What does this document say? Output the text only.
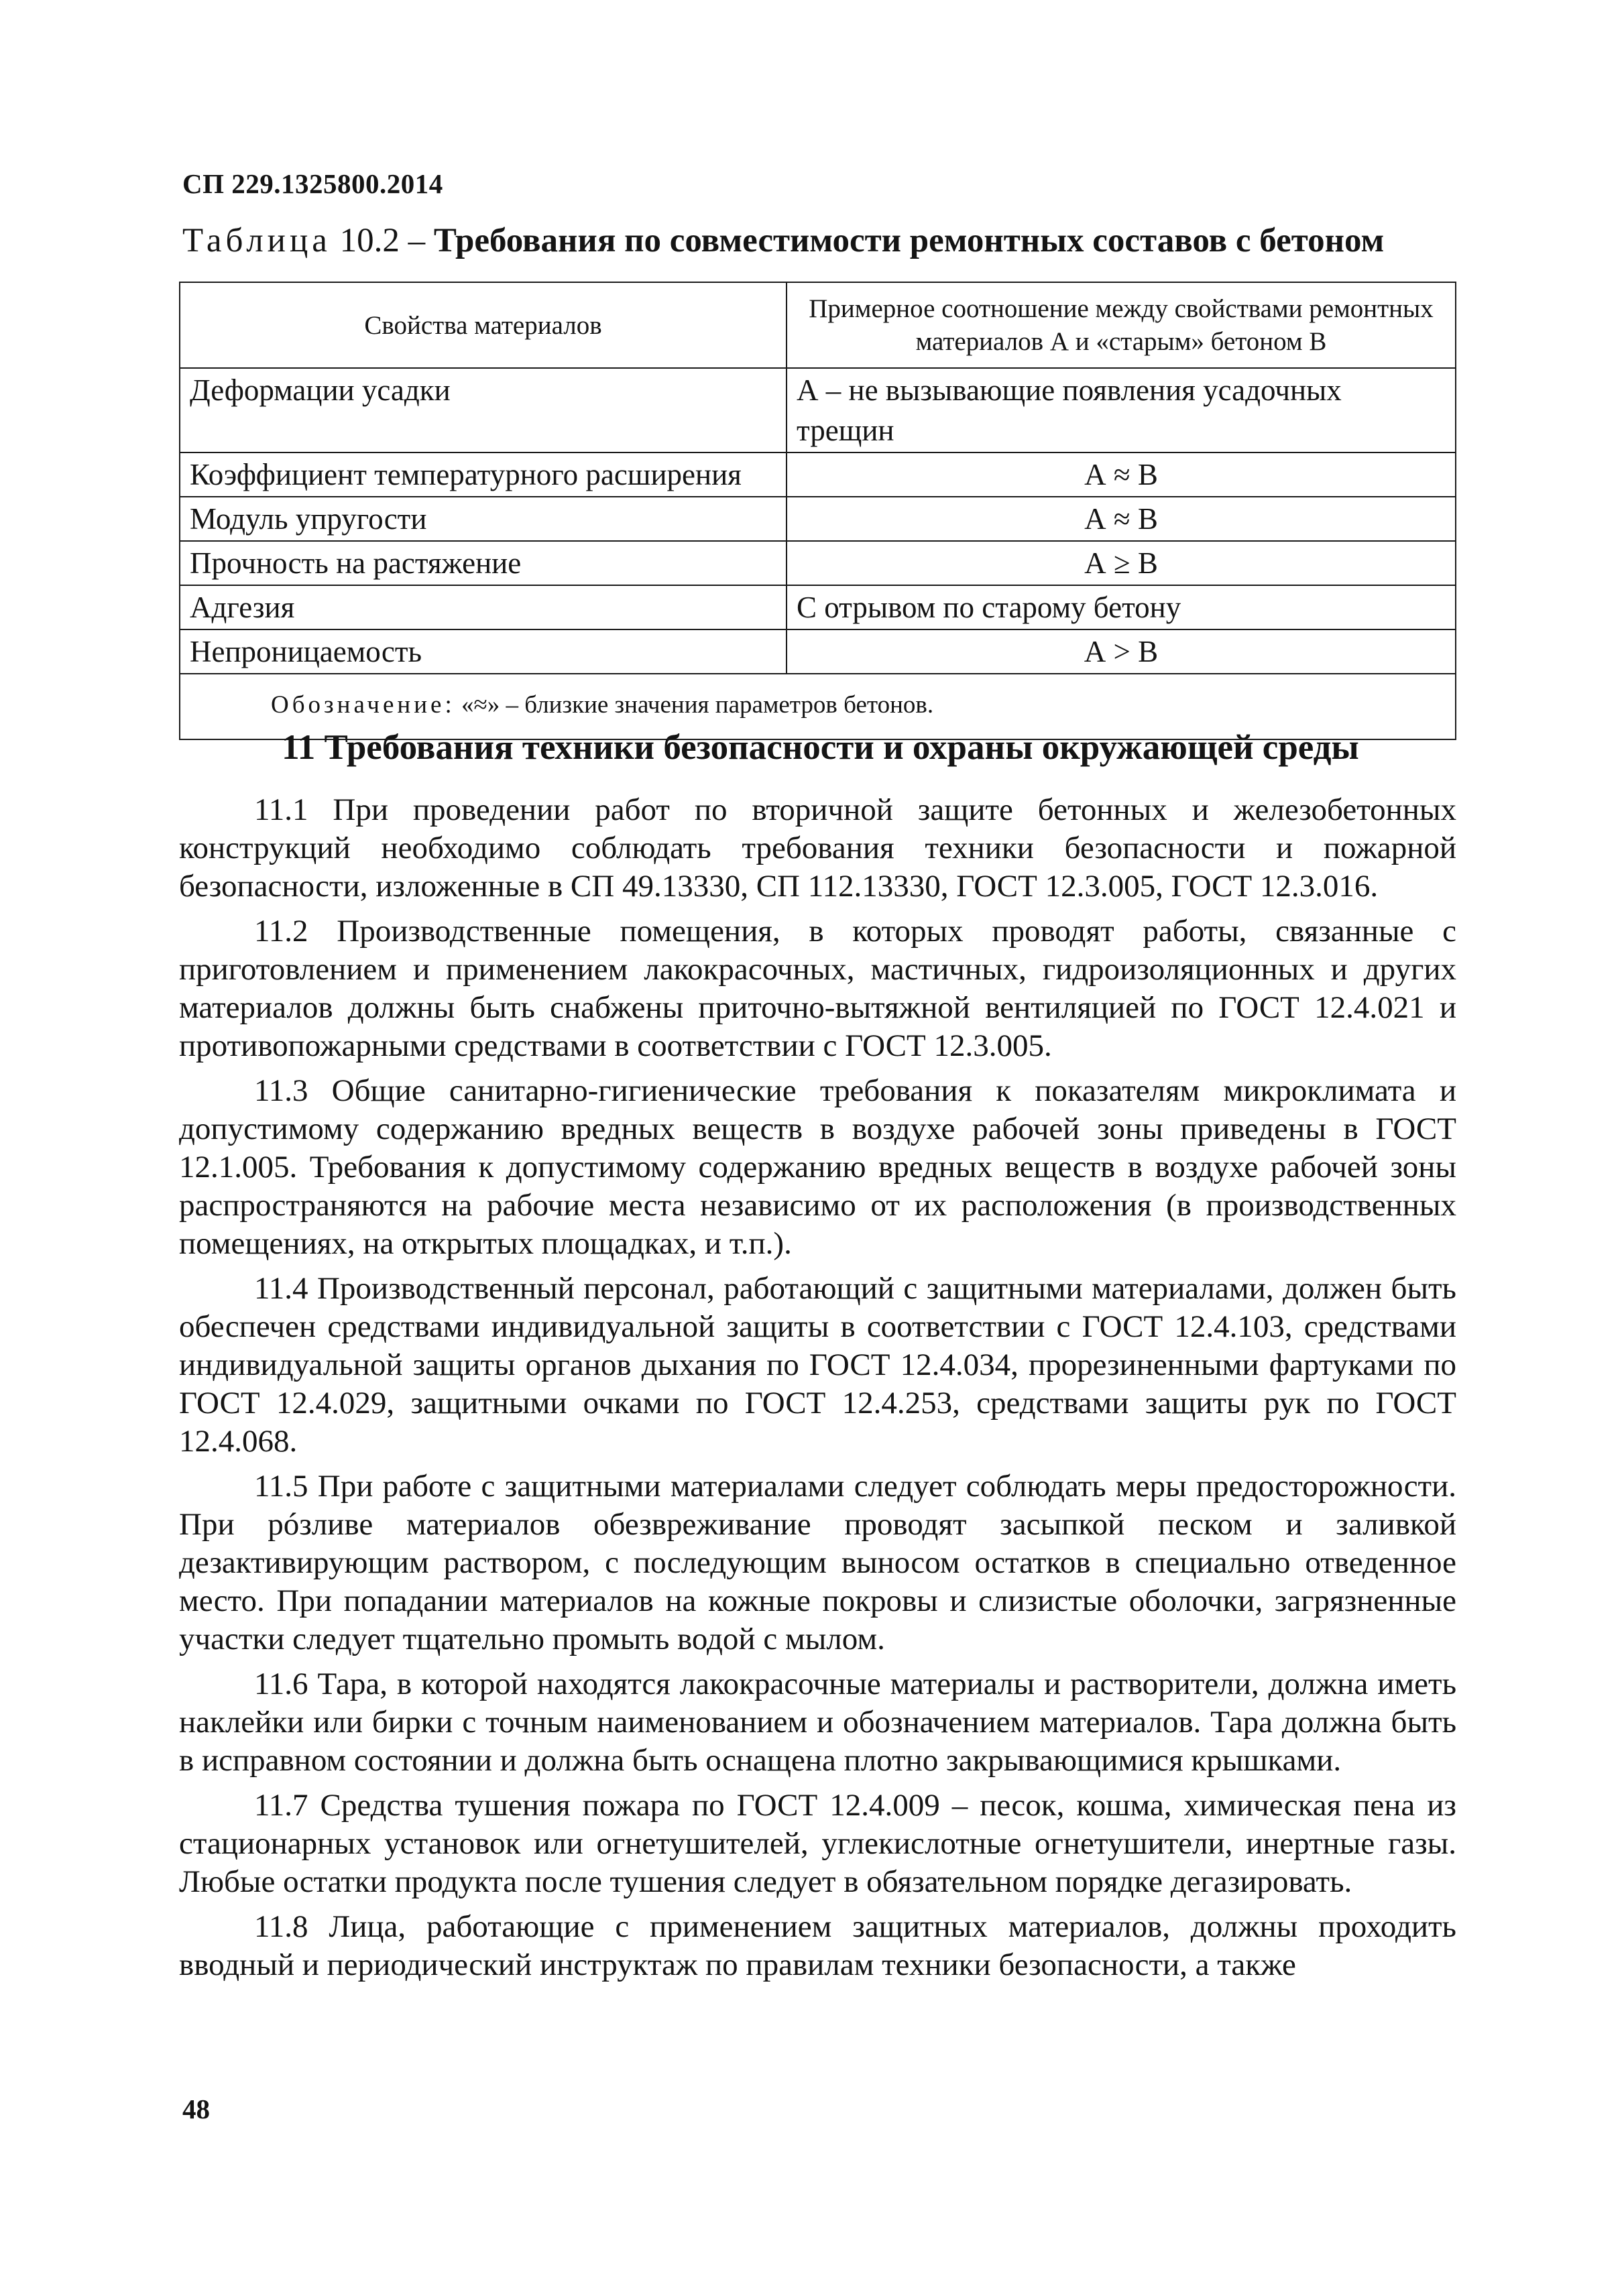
СП 229.1325800.2014
Таблица 10.2 – Требования по совместимости ремонтных составов с бетоном
Свойства материалов	Примерное соотношение между свойствами ремонтных материалов А и «старым» бетоном В
Деформации усадки	А – не вызывающие появления усадочных трещин
Коэффициент температурного расширения	А ≈ В
Модуль упругости	А ≈ В
Прочность на растяжение	А ≥ В
Адгезия	С отрывом по старому бетону
Непроницаемость	А > В
Обозначение: «≈» – близкие значения параметров бетонов.	
11 Требования техники безопасности и охраны окружающей среды

11.1 При проведении работ по вторичной защите бетонных и железобетонных конструкций необходимо соблюдать требования техники безопасности и пожарной безопасности, изложенные в СП 49.13330, СП 112.13330, ГОСТ 12.3.005, ГОСТ 12.3.016.

11.2 Производственные помещения, в которых проводят работы, связанные с приготовлением и применением лакокрасочных, мастичных, гидроизоляционных и других материалов должны быть снабжены приточно-вытяжной вентиляцией по ГОСТ 12.4.021 и противопожарными средствами в соответствии с ГОСТ 12.3.005.

11.3 Общие санитарно-гигиенические требования к показателям микроклимата и допустимому содержанию вредных веществ в воздухе рабочей зоны приведены в ГОСТ 12.1.005. Требования к допустимому содержанию вредных веществ в воздухе рабочей зоны распространяются на рабочие места независимо от их расположения (в производственных помещениях, на открытых площадках, и т.п.).

11.4 Производственный персонал, работающий с защитными материалами, должен быть обеспечен средствами индивидуальной защиты в соответствии с ГОСТ 12.4.103, средствами индивидуальной защиты органов дыхания по ГОСТ 12.4.034, прорезиненными фартуками по ГОСТ 12.4.029, защитными очками по ГОСТ 12.4.253, средствами защиты рук по ГОСТ 12.4.068.

11.5 При работе с защитными материалами следует соблюдать меры предосторожности. При рóзливе материалов обезвреживание проводят засыпкой песком и заливкой дезактивирующим раствором, с последующим выносом остатков в специально отведенное место. При попадании материалов на кожные покровы и слизистые оболочки, загрязненные участки следует тщательно промыть водой с мылом.

11.6 Тара, в которой находятся лакокрасочные материалы и растворители, должна иметь наклейки или бирки с точным наименованием и обозначением материалов. Тара должна быть в исправном состоянии и должна быть оснащена плотно закрывающимися крышками.

11.7 Средства тушения пожара по ГОСТ 12.4.009 – песок, кошма, химическая пена из стационарных установок или огнетушителей, углекислотные огнетушители, инертные газы. Любые остатки продукта после тушения следует в обязательном порядке дегазировать.

11.8 Лица, работающие с применением защитных материалов, должны проходить вводный и периодический инструктаж по правилам техники безопасности, а также

48
